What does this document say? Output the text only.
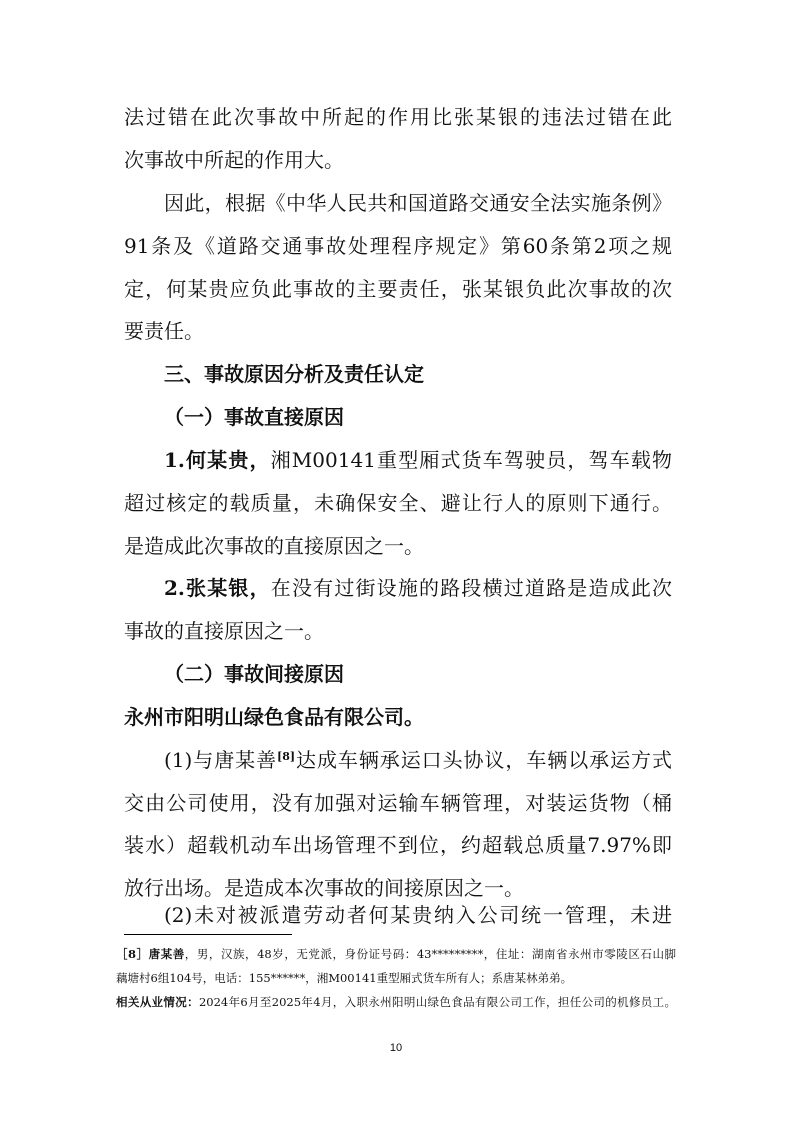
法过错在此次事故中所起的作用比张某银的违法过错在此
次事故中所起的作用大。
因此，根据《中华人民共和国道路交通安全法实施条例》
91条及《道路交通事故处理程序规定》第60条第2项之规
定，何某贵应负此事故的主要责任，张某银负此次事故的次
要责任。
三、事故原因分析及责任认定
（一）事故直接原因
1.何某贵，湘M00141重型厢式货车驾驶员，驾车载物
超过核定的载质量，未确保安全、避让行人的原则下通行。
是造成此次事故的直接原因之一。
2.张某银，在没有过街设施的路段横过道路是造成此次
事故的直接原因之一。
（二）事故间接原因
永州市阳明山绿色食品有限公司。
(1)与唐某善[8]达成车辆承运口头协议，车辆以承运方式
交由公司使用，没有加强对运输车辆管理，对装运货物（桶
装水）超载机动车出场管理不到位，约超载总质量7.97%即
放行出场。是造成本次事故的间接原因之一。
(2)未对被派遣劳动者何某贵纳入公司统一管理，未进
［8］唐某善，男，汉族，48岁，无党派，身份证号码：43*********，住址：湖南省永州市零陵区石山脚
藕塘村6组104号，电话：155******，湘M00141重型厢式货车所有人；系唐某林弟弟。
相关从业情况：2024年6月至2025年4月，入职永州阳明山绿色食品有限公司工作，担任公司的机修员工。
10
